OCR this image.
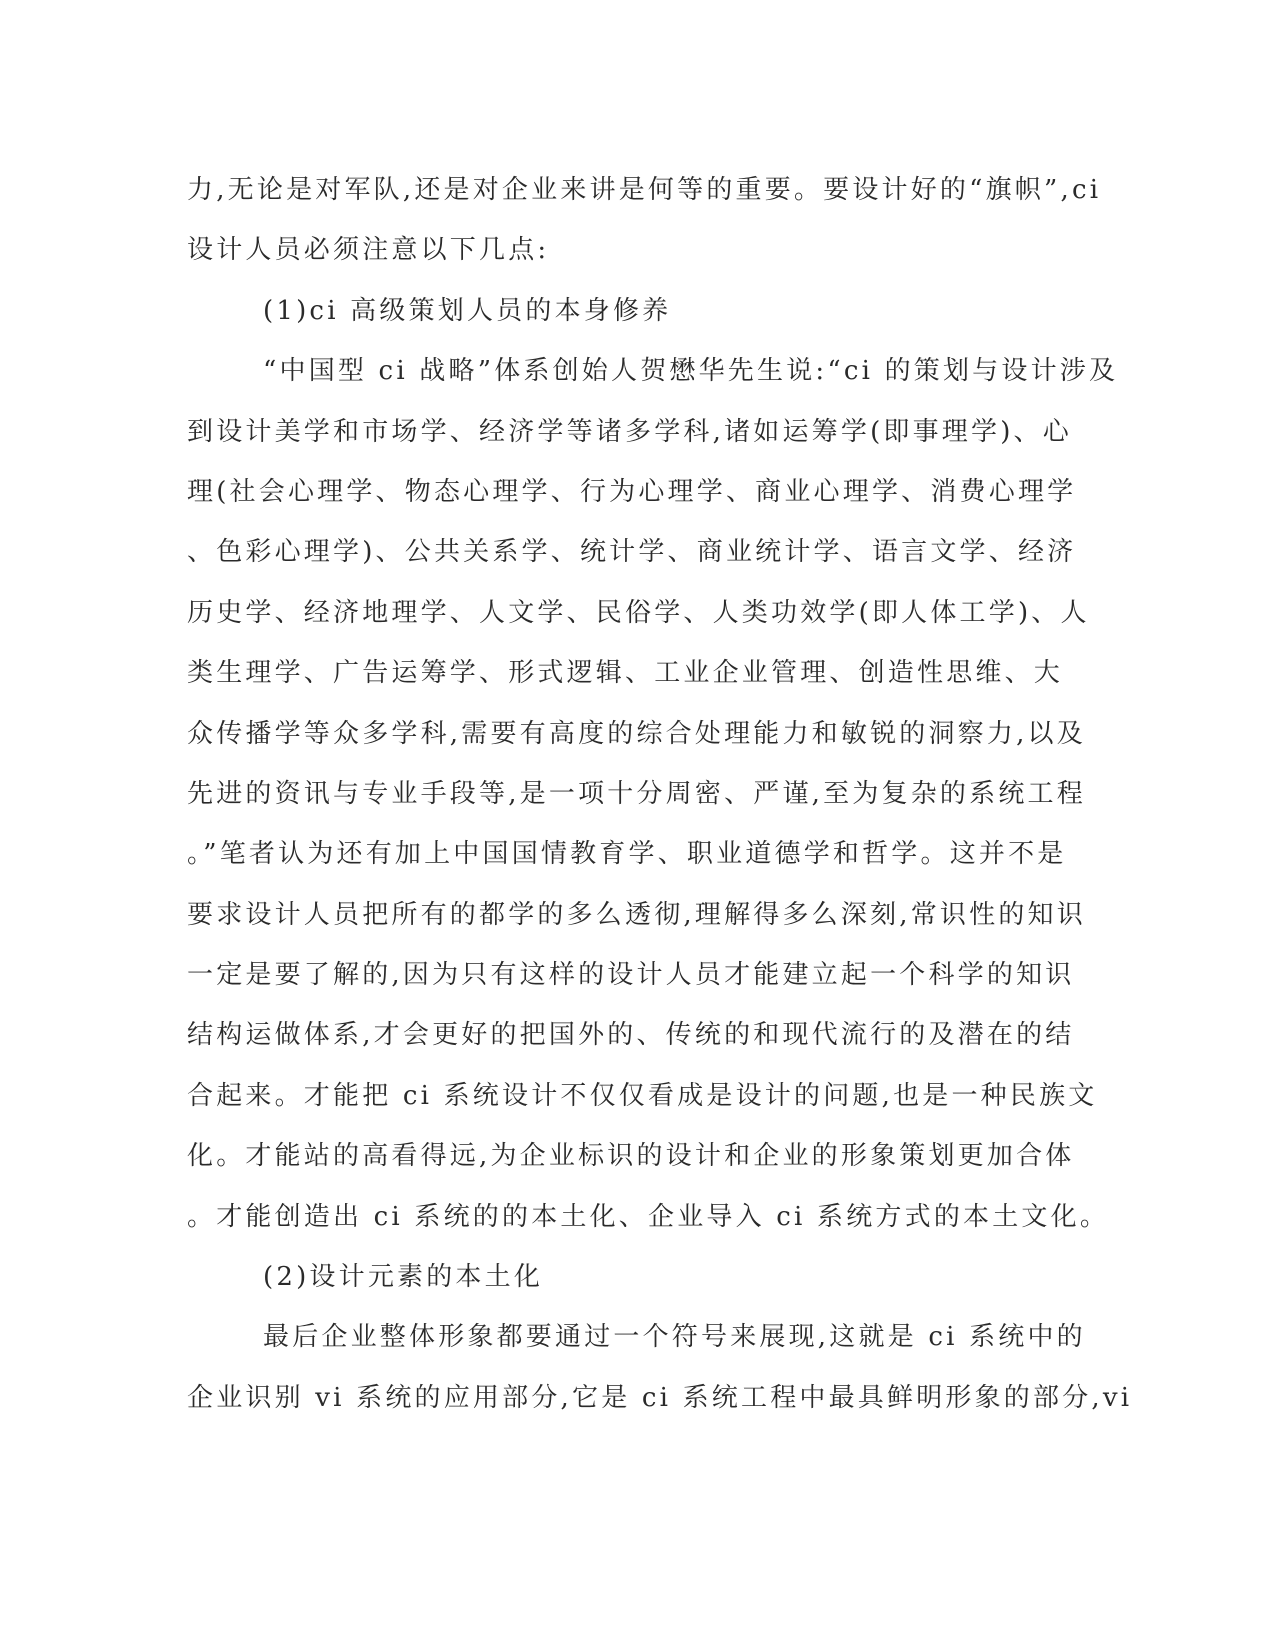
力,无论是对军队,还是对企业来讲是何等的重要。要设计好的“旗帜”,ci
设计人员必须注意以下几点:
(1)ci 高级策划人员的本身修养
“中国型 ci 战略”体系创始人贺懋华先生说:“ci 的策划与设计涉及
到设计美学和市场学、经济学等诸多学科,诸如运筹学(即事理学)、心
理(社会心理学、物态心理学、行为心理学、商业心理学、消费心理学
、色彩心理学)、公共关系学、统计学、商业统计学、语言文学、经济
历史学、经济地理学、人文学、民俗学、人类功效学(即人体工学)、人
类生理学、广告运筹学、形式逻辑、工业企业管理、创造性思维、大
众传播学等众多学科,需要有高度的综合处理能力和敏锐的洞察力,以及
先进的资讯与专业手段等,是一项十分周密、严谨,至为复杂的系统工程
。”笔者认为还有加上中国国情教育学、职业道德学和哲学。这并不是
要求设计人员把所有的都学的多么透彻,理解得多么深刻,常识性的知识
一定是要了解的,因为只有这样的设计人员才能建立起一个科学的知识
结构运做体系,才会更好的把国外的、传统的和现代流行的及潜在的结
合起来。才能把 ci 系统设计不仅仅看成是设计的问题,也是一种民族文
化。才能站的高看得远,为企业标识的设计和企业的形象策划更加合体
。才能创造出 ci 系统的的本土化、企业导入 ci 系统方式的本土文化。
(2)设计元素的本土化
最后企业整体形象都要通过一个符号来展现,这就是 ci 系统中的
企业识别 vi 系统的应用部分,它是 ci 系统工程中最具鲜明形象的部分,vi
